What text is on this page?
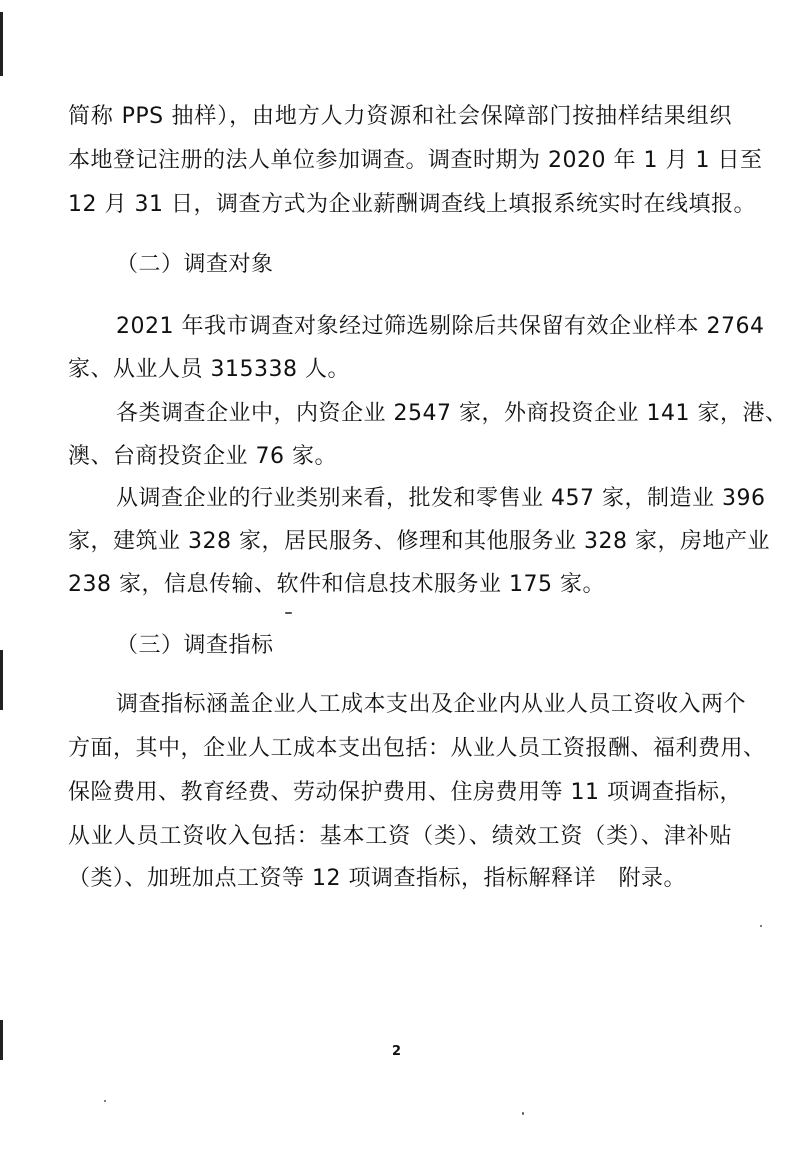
简称 PPS 抽样），由地方人力资源和社会保障部门按抽样结果组织
本地登记注册的法人单位参加调查。调查时期为 2020 年 1 月 1 日至
12 月 31 日，调查方式为企业薪酬调查线上填报系统实时在线填报。
（二）调查对象
2021 年我市调查对象经过筛选剔除后共保留有效企业样本 2764
家、从业人员 315338 人。
各类调查企业中，内资企业 2547 家，外商投资企业 141 家，港、
澳、台商投资企业 76 家。
从调查企业的行业类别来看，批发和零售业 457 家，制造业 396
家，建筑业 328 家，居民服务、修理和其他服务业 328 家，房地产业
238 家，信息传输、软件和信息技术服务业 175 家。
（三）调查指标
调查指标涵盖企业人工成本支出及企业内从业人员工资收入两个
方面，其中，企业人工成本支出包括：从业人员工资报酬、福利费用、
保险费用、教育经费、劳动保护费用、住房费用等 11 项调查指标，
从业人员工资收入包括：基本工资（类）、绩效工资（类）、津补贴
（类）、加班加点工资等 12 项调查指标，指标解释详　附录。
2
